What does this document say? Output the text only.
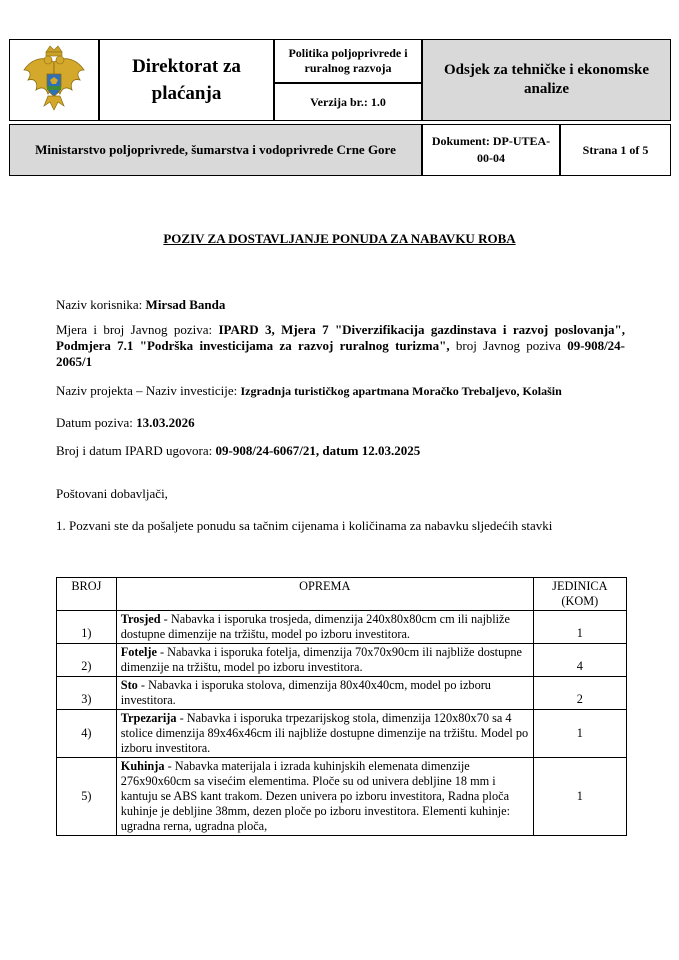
Direktorat za plaćanja
Politika poljoprivrede i ruralnog razvoja
Verzija br.: 1.0
Odsjek za tehničke i ekonomske analize
Ministarstvo poljoprivrede, šumarstva i vodoprivrede Crne Gore
Dokument: DP-UTEA-00-04
Strana 1 of 5
POZIV ZA DOSTAVLJANJE PONUDA ZA NABAVKU ROBA
Naziv korisnika: Mirsad Banda
Mjera i broj Javnog poziva: IPARD 3, Mjera 7 "Diverzifikacija gazdinstava i razvoj poslovanja", Podmjera 7.1 "Podrška investicijama za razvoj ruralnog turizma", broj Javnog poziva 09-908/24-2065/1
Naziv projekta – Naziv investicije: Izgradnja turističkog apartmana Moračko Trebaljevo, Kolašin
Datum poziva: 13.03.2026
Broj i datum IPARD ugovora: 09-908/24-6067/21, datum 12.03.2025
Poštovani dobavljači,
1. Pozvani ste da pošaljete ponudu sa tačnim cijenama i količinama za nabavku sljedećih stavki
BROJ	OPREMA	JEDINICA (KOM)
1)	Trosjed - Nabavka i isporuka trosjeda, dimenzija 240x80x80cm cm ili najbliže dostupne dimenzije na tržištu, model po izboru investitora.	1
2)	Fotelje - Nabavka i isporuka fotelja, dimenzija 70x70x90cm ili najbliže dostupne dimenzije na tržištu, model po izboru investitora.	4
3)	Sto - Nabavka i isporuka stolova, dimenzija 80x40x40cm, model po izboru investitora.	2
4)	Trpezarija - Nabavka i isporuka trpezarijskog stola, dimenzija 120x80x70 sa 4 stolice dimenzija 89x46x46cm ili najbliže dostupne dimenzije na tržištu. Model po izboru investitora.	1
5)	Kuhinja - Nabavka materijala i izrada kuhinjskih elemenata dimenzije 276x90x60cm sa visećim elementima. Ploče su od univera debljine 18 mm i kantuju se ABS kant trakom. Dezen univera po izboru investitora, Radna ploča kuhinje je debljine 38mm, dezen ploče po izboru investitora. Elementi kuhinje: ugradna rerna, ugradna ploča,	1
